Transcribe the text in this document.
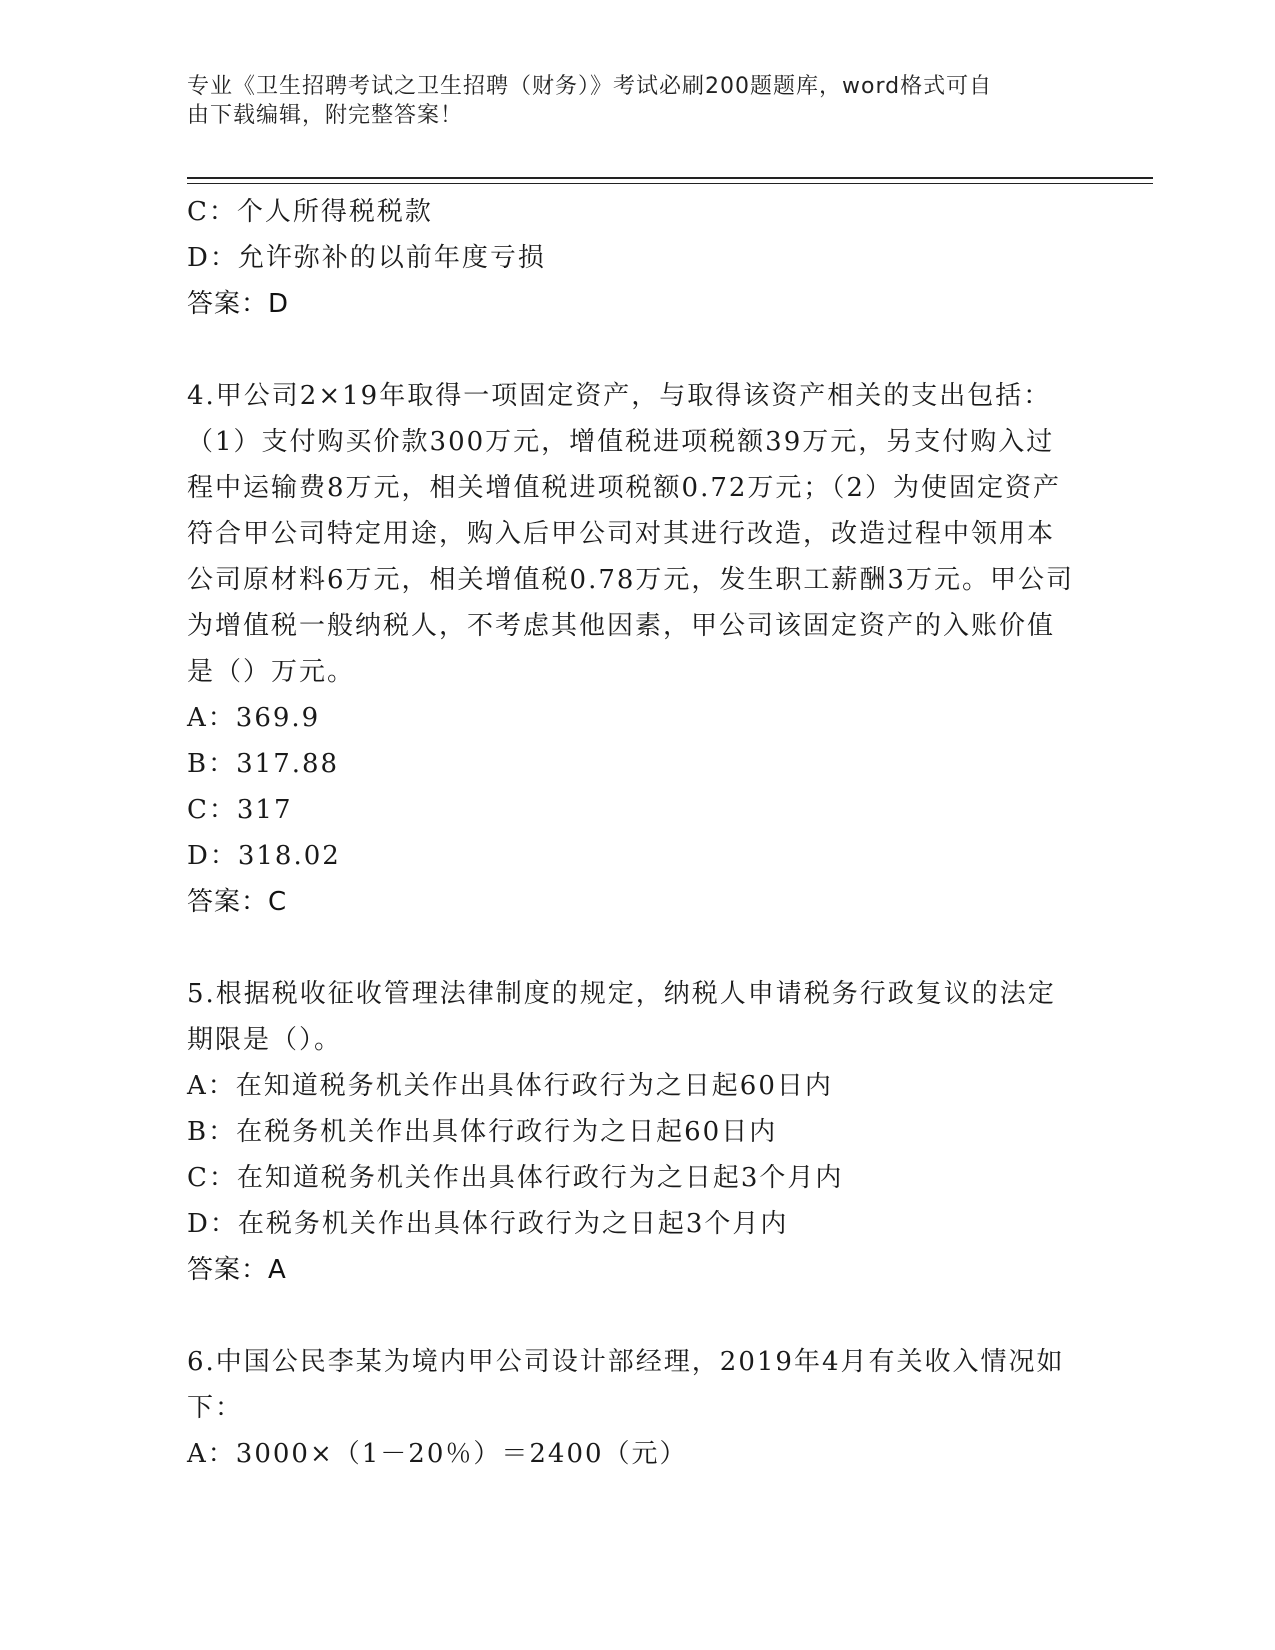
专业《卫生招聘考试之卫生招聘（财务）》考试必刷200题题库，word格式可自
由下载编辑，附完整答案！
C：个人所得税税款
D：允许弥补的以前年度亏损
答案：D
4.甲公司2×19年取得一项固定资产，与取得该资产相关的支出包括：（1）支付购买价款300万元，增值税进项税额39万元，另支付购入过程中运输费8万元，相关增值税进项税额0.72万元；（2）为使固定资产符合甲公司特定用途，购入后甲公司对其进行改造，改造过程中领用本公司原材料6万元，相关增值税0.78万元，发生职工薪酬3万元。甲公司为增值税一般纳税人，不考虑其他因素，甲公司该固定资产的入账价值是（）万元。
A：369.9
B：317.88
C：317
D：318.02
答案：C
5.根据税收征收管理法律制度的规定，纳税人申请税务行政复议的法定期限是（）。
A：在知道税务机关作出具体行政行为之日起60日内
B：在税务机关作出具体行政行为之日起60日内
C：在知道税务机关作出具体行政行为之日起3个月内
D：在税务机关作出具体行政行为之日起3个月内
答案：A
6.中国公民李某为境内甲公司设计部经理，2019年4月有关收入情况如下：
A：3000×（1－20％）＝2400（元）
